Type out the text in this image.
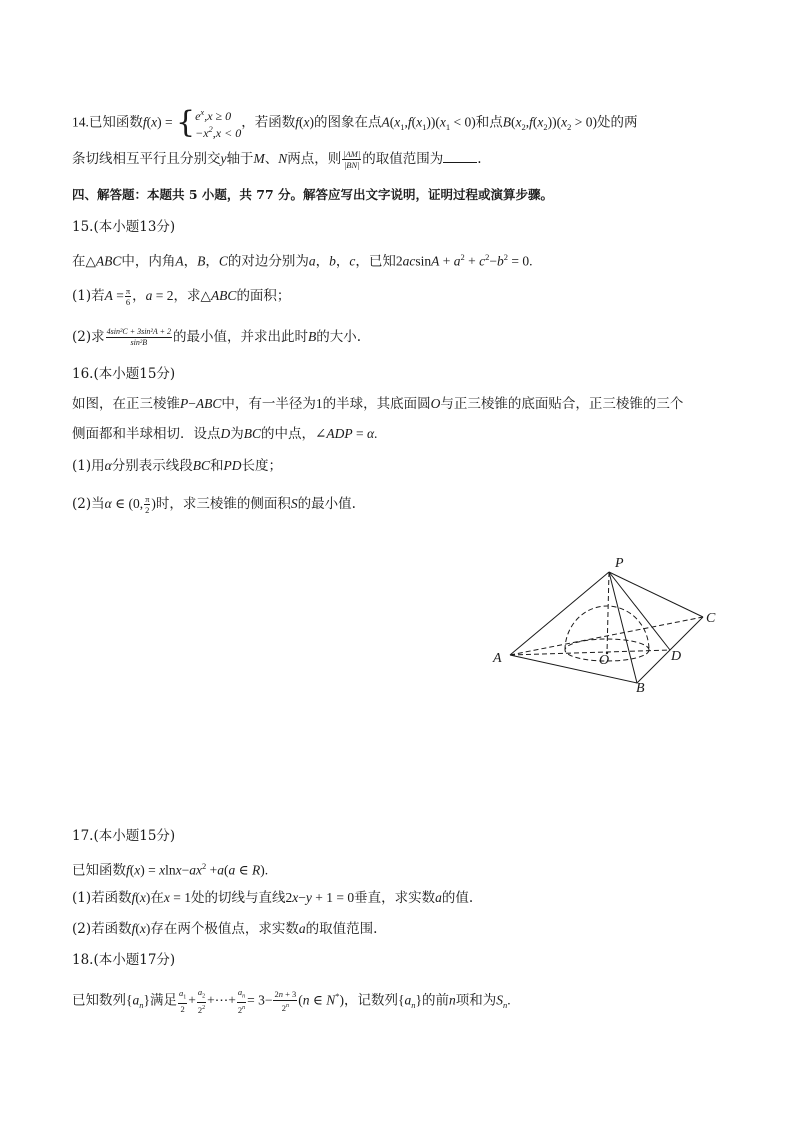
14.已知函数$f(x) = \{e^x,x \ge 0$
$-x^2,x < 0$，若函数f(x)的图象在点$A(x_1,f(x_1))(x_1 < 0)$和点$B(x_2,f(x_2))(x_2 > 0)$处的两
条切线相互平行且分别交y轴于M、N两点，则 $\frac{|AM|}{|BN|}$ 的取值范围为	.
四、解答题：本题共 5 小题，共 77 分。解答应写出文字说明，证明过程或演算步骤。
15.(本小题13分)
在△ABC中，内角A，B，C的对边分别为a，b，c，已知$2acsinA + a^2 + c^2-b^2 = 0$.
(1)若$A = \frac{\pi}{6}$ ，a = 2，求△ABC的面积；
(2)求 $\frac{\text{4sin²C + 3sin²A + 2}}{\text{sin²B}}$ 的最小值，并求出此时B的大小.
16.(本小题15分)
如图，在正三棱锥P−ABC中，有一半径为1的半球，其底面圆O与正三棱锥的底面贴合，正三棱锥的三个
侧面都和半球相切．设点D为BC的中点，∠ADP = α.
(1)用α分别表示线段BC和PD长度；
(2)当α ∈ (0, $\frac{\pi}{2}$ )时，求三棱锥的侧面积S的最小值.
P
A
B
C
D
O
17.(本小题15分)
已知函数$f(x) = xlnx-ax^2 +a(a$ ∈ R).
(1)若函数f(x)在x = 1处的切线与直线2x−y + 1 = 0垂直，求实数a的值.
(2)若函数f(x)存在两个极值点，求实数a的取值范围.
18.(本小题17分)
已知数列$\{a_n\}$满足 $\frac{a_1}{2} + \frac{a_2}{2^2}$ +⋯+ $\frac{a_n}{2^n} = 3- \frac{2n + 3}{2^n} (n$ ∈ N*)，记数列$\{a_n\}$的前n项和为$S_n$.
